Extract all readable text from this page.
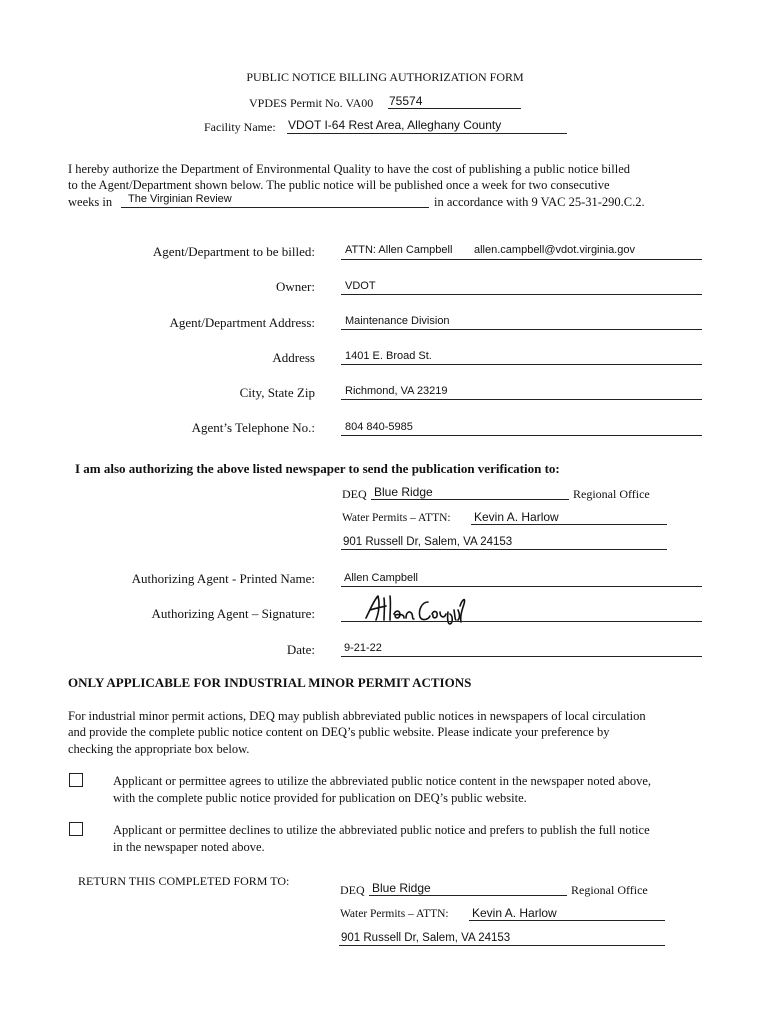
PUBLIC NOTICE BILLING AUTHORIZATION FORM
VPDES Permit No. VA00 75574
Facility Name: VDOT I-64 Rest Area, Alleghany County
I hereby authorize the Department of Environmental Quality to have the cost of publishing a public notice billed
to the Agent/Department shown below. The public notice will be published once a week for two consecutive
weeks in The Virginian Review	in accordance with 9 VAC 25-31-290.C.2.
Agent/Department to be billed:	ATTN: Allen Campbell allen.campbell@vdot.virginia.gov
Owner:	VDOT
Agent/Department Address:	Maintenance Division
Address	1401 E. Broad St.
City, State Zip	Richmond, VA 23219
Agent’s Telephone No.:	804 840-5985
I am also authorizing the above listed newspaper to send the publication verification to:
DEQ Blue Ridge	Regional Office
Water Permits – ATTN: Kevin A. Harlow
901 Russell Dr, Salem, VA 24153
Authorizing Agent - Printed Name:	Allen Campbell
Authorizing Agent – Signature:
Date:	9-21-22
ONLY APPLICABLE FOR INDUSTRIAL MINOR PERMIT ACTIONS
For industrial minor permit actions, DEQ may publish abbreviated public notices in newspapers of local circulation
and provide the complete public notice content on DEQ’s public website. Please indicate your preference by
checking the appropriate box below.
Applicant or permittee agrees to utilize the abbreviated public notice content in the newspaper noted above,
with the complete public notice provided for publication on DEQ’s public website.
Applicant or permittee declines to utilize the abbreviated public notice and prefers to publish the full notice
in the newspaper noted above.
RETURN THIS COMPLETED FORM TO:
DEQ Blue Ridge	Regional Office
Water Permits – ATTN: Kevin A. Harlow
901 Russell Dr, Salem, VA 24153
